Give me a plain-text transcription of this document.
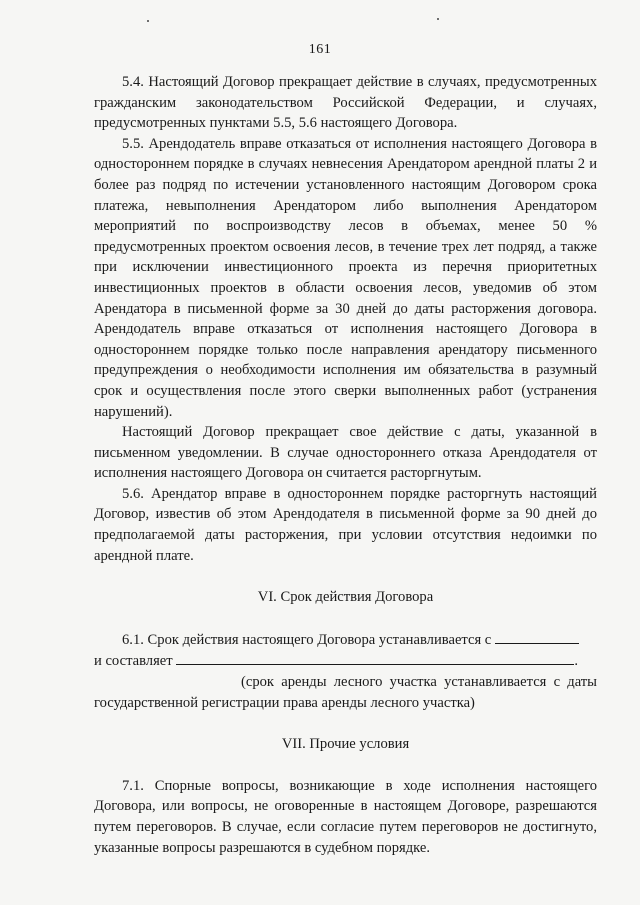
161

5.4. Настоящий Договор прекращает действие в случаях, предусмотренных гражданским законодательством Российской Федерации, и случаях, предусмотренных пунктами 5.5, 5.6 настоящего Договора.

5.5. Арендодатель вправе отказаться от исполнения настоящего Договора в одностороннем порядке в случаях невнесения Арендатором арендной платы 2 и более раз подряд по истечении установленного настоящим Договором срока платежа, невыполнения Арендатором либо выполнения Арендатором мероприятий по воспроизводству лесов в объемах, менее 50 % предусмотренных проектом освоения лесов, в течение трех лет подряд, а также при исключении инвестиционного проекта из перечня приоритетных инвестиционных проектов в области освоения лесов, уведомив об этом Арендатора в письменной форме за 30 дней до даты расторжения договора. Арендодатель вправе отказаться от исполнения настоящего Договора в одностороннем порядке только после направления арендатору письменного предупреждения о необходимости исполнения им обязательства в разумный срок и осуществления после этого сверки выполненных работ (устранения нарушений).

Настоящий Договор прекращает свое действие с даты, указанной в письменном уведомлении. В случае одностороннего отказа Арендодателя от исполнения настоящего Договора он считается расторгнутым.

5.6. Арендатор вправе в одностороннем порядке расторгнуть настоящий Договор, известив об этом Арендодателя в письменной форме за 90 дней до предполагаемой даты расторжения, при условии отсутствия недоимки по арендной плате.

VI. Срок действия Договора

6.1. Срок действия настоящего Договора устанавливается с

и составляет	.

(срок аренды лесного участка устанавливается с даты государственной регистрации права аренды лесного участка)

VII. Прочие условия

7.1. Спорные вопросы, возникающие в ходе исполнения настоящего Договора, или вопросы, не оговоренные в настоящем Договоре, разрешаются путем переговоров. В случае, если согласие путем переговоров не достигнуто, указанные вопросы разрешаются в судебном порядке.
